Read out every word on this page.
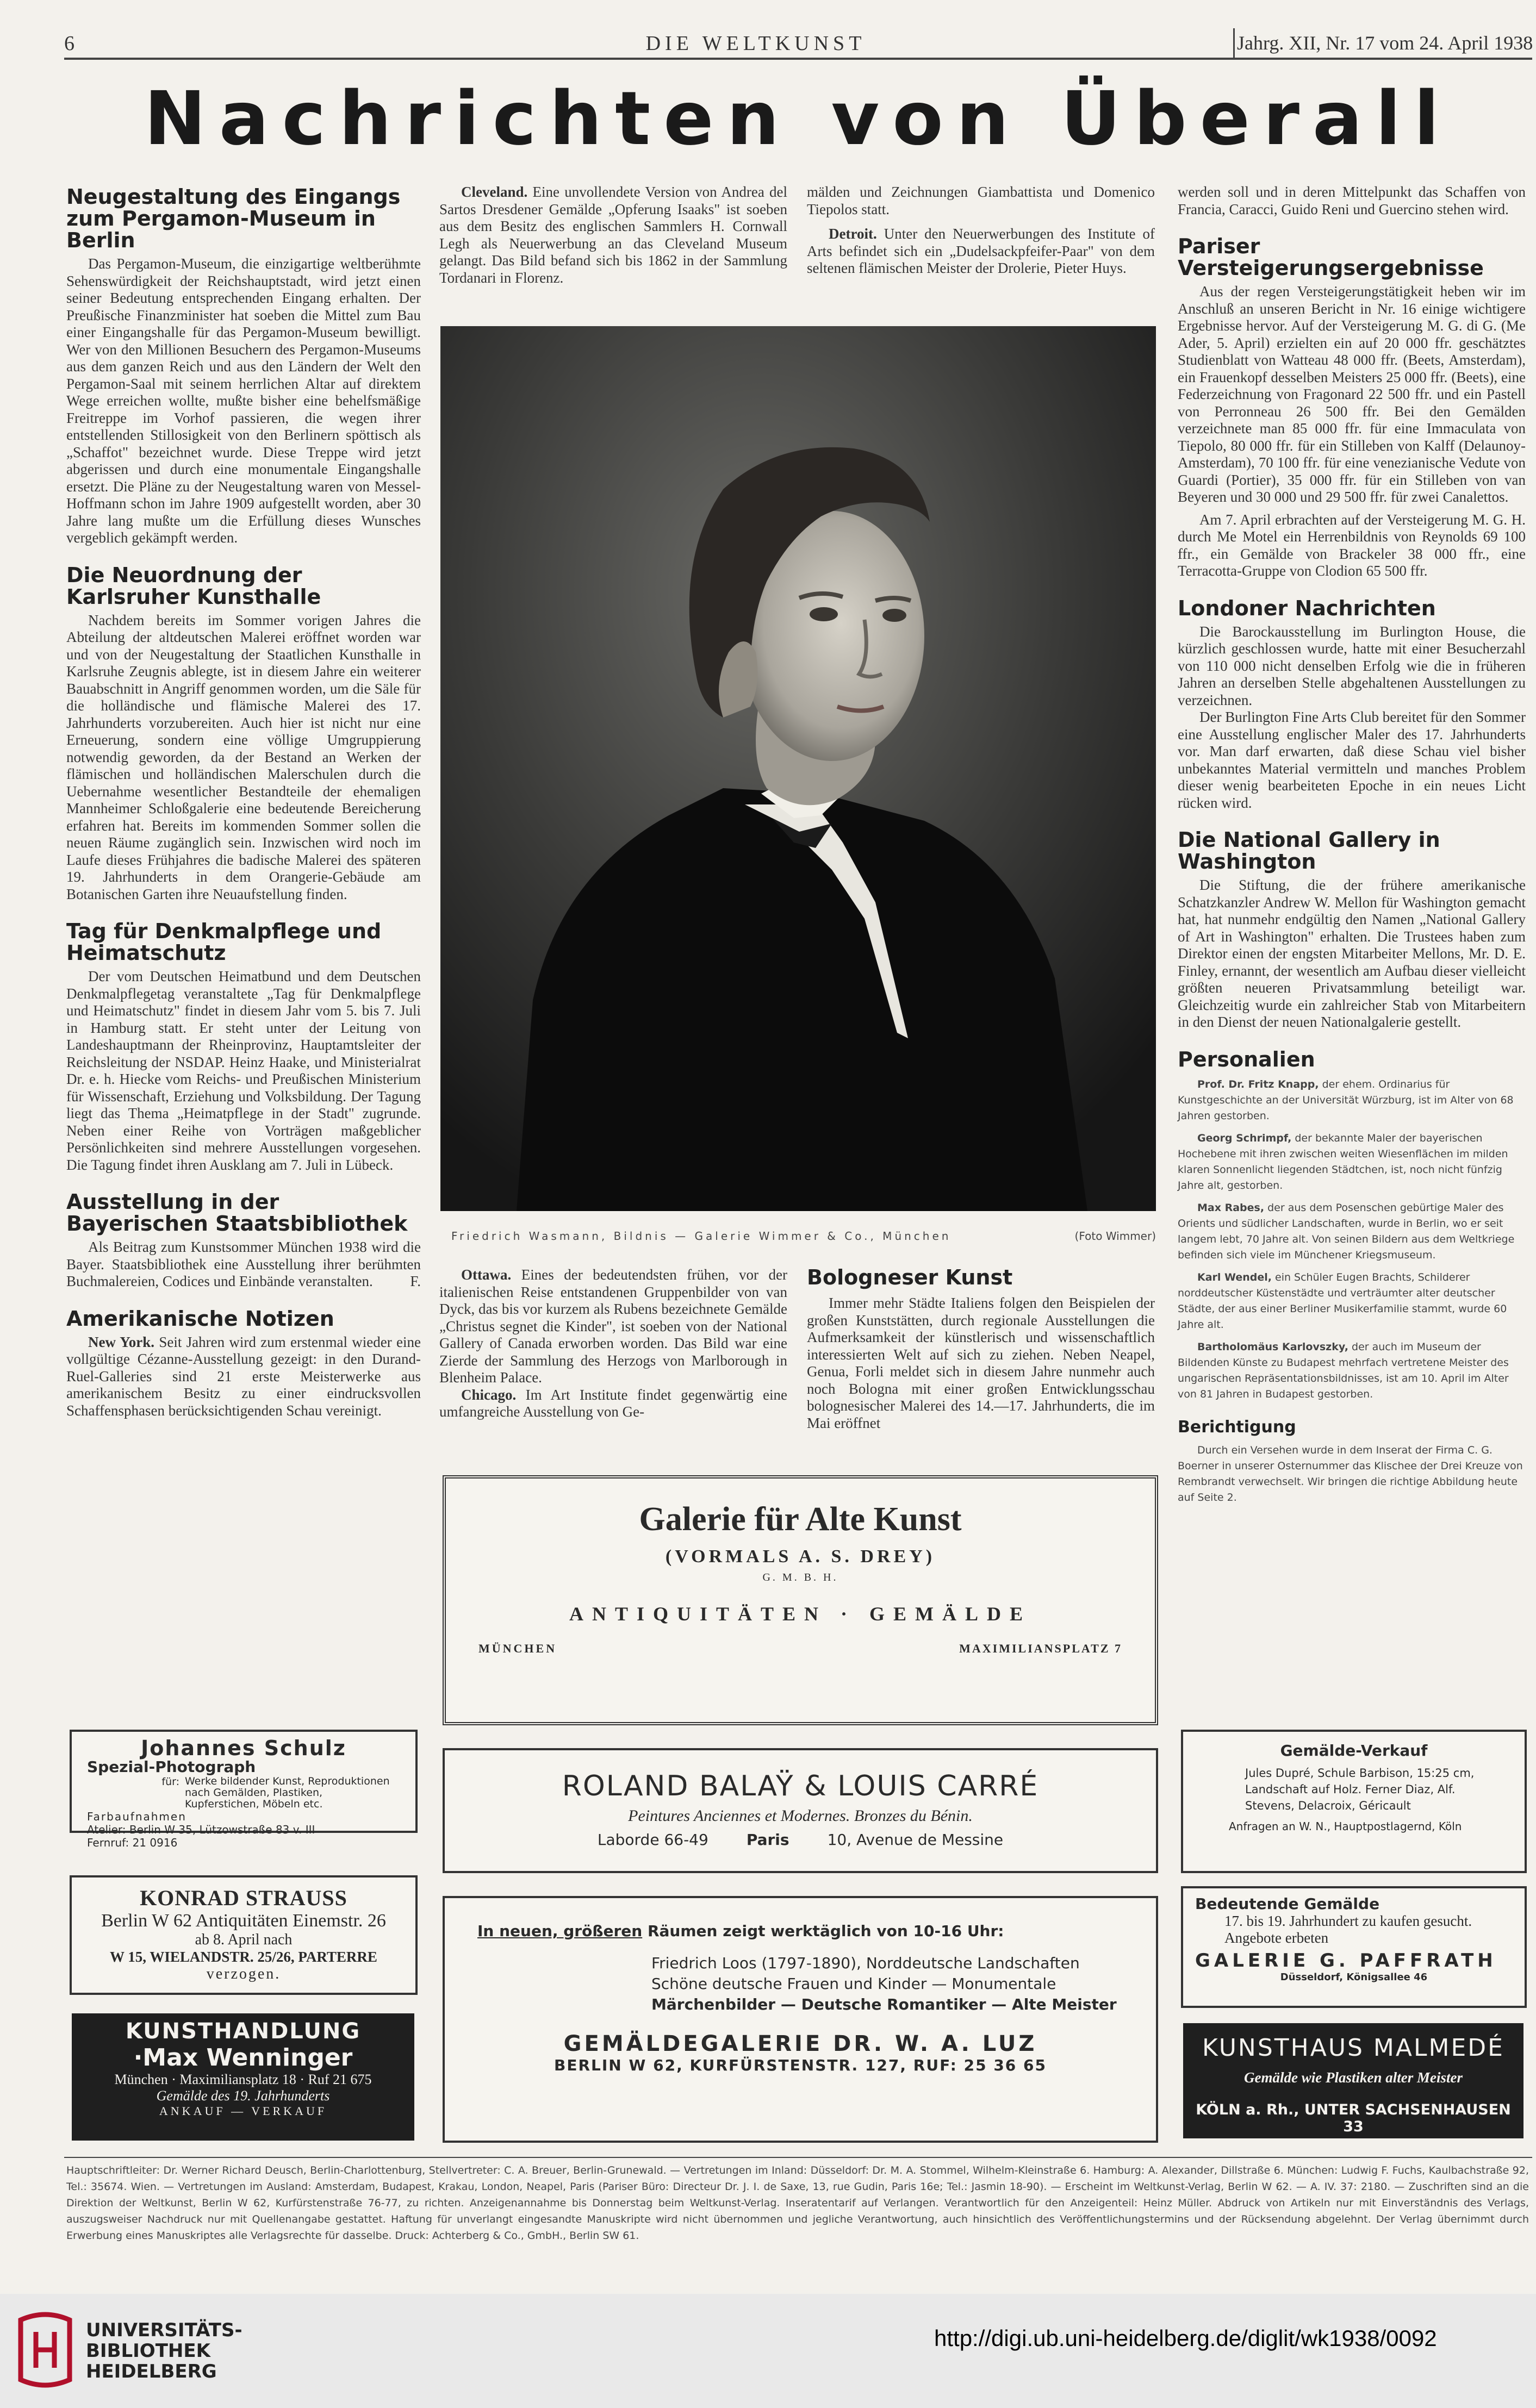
6	DIE WELTKUNST	Jahrg. XII, Nr. 17 vom 24. April 1938
Nachrichten von Überall
Neugestaltung des Eingangs zum Pergamon-Museum in Berlin

Das Pergamon-Museum, die einzigartige weltberühmte Sehenswürdigkeit der Reichshauptstadt, wird jetzt einen seiner Bedeutung entsprechenden Eingang erhalten. Der Preußische Finanzminister hat soeben die Mittel zum Bau einer Eingangshalle für das Pergamon-Museum bewilligt. Wer von den Millionen Besuchern des Pergamon-Museums aus dem ganzen Reich und aus den Ländern der Welt den Pergamon-Saal mit seinem herrlichen Altar auf direktem Wege erreichen wollte, mußte bisher eine behelfsmäßige Freitreppe im Vorhof passieren, die wegen ihrer entstellenden Stillosigkeit von den Berlinern spöttisch als „Schaffot" bezeichnet wurde. Diese Treppe wird jetzt abgerissen und durch eine monumentale Eingangshalle ersetzt. Die Pläne zu der Neugestaltung waren von Messel-Hoffmann schon im Jahre 1909 aufgestellt worden, aber 30 Jahre lang mußte um die Erfüllung dieses Wunsches vergeblich gekämpft werden.

Die Neuordnung der Karlsruher Kunsthalle

Nachdem bereits im Sommer vorigen Jahres die Abteilung der altdeutschen Malerei eröffnet worden war und von der Neugestaltung der Staatlichen Kunsthalle in Karlsruhe Zeugnis ablegte, ist in diesem Jahre ein weiterer Bauabschnitt in Angriff genommen worden, um die Säle für die holländische und flämische Malerei des 17. Jahrhunderts vorzubereiten. Auch hier ist nicht nur eine Erneuerung, sondern eine völlige Umgruppierung notwendig geworden, da der Bestand an Werken der flämischen und holländischen Malerschulen durch die Uebernahme wesentlicher Bestandteile der ehemaligen Mannheimer Schloßgalerie eine bedeutende Bereicherung erfahren hat. Bereits im kommenden Sommer sollen die neuen Räume zugänglich sein. Inzwischen wird noch im Laufe dieses Frühjahres die badische Malerei des späteren 19. Jahrhunderts in dem Orangerie-Gebäude am Botanischen Garten ihre Neuaufstellung finden.

Tag für Denkmalpflege und Heimatschutz

Der vom Deutschen Heimatbund und dem Deutschen Denkmalpflegetag veranstaltete „Tag für Denkmalpflege und Heimatschutz" findet in diesem Jahr vom 5. bis 7. Juli in Hamburg statt. Er steht unter der Leitung von Landeshauptmann der Rheinprovinz, Hauptamtsleiter der Reichsleitung der NSDAP. Heinz Haake, und Ministerialrat Dr. e. h. Hiecke vom Reichs- und Preußischen Ministerium für Wissenschaft, Erziehung und Volksbildung. Der Tagung liegt das Thema „Heimatpflege in der Stadt" zugrunde. Neben einer Reihe von Vorträgen maßgeblicher Persönlichkeiten sind mehrere Ausstellungen vorgesehen. Die Tagung findet ihren Ausklang am 7. Juli in Lübeck.

Ausstellung in der Bayerischen Staatsbibliothek

Als Beitrag zum Kunstsommer München 1938 wird die Bayer. Staatsbibliothek eine Ausstellung ihrer berühmten Buchmalereien, Codices und Einbände veranstalten.	F.

Amerikanische Notizen

New York. Seit Jahren wird zum erstenmal wieder eine vollgültige Cézanne-Ausstellung gezeigt: in den Durand-Ruel-Galleries sind 21 erste Meisterwerke aus amerikanischem Besitz zu einer eindrucksvollen Schaffensphasen berücksichtigenden Schau vereinigt.

Cleveland. Eine unvollendete Version von Andrea del Sartos Dresdener Gemälde „Opferung Isaaks" ist soeben aus dem Besitz des englischen Sammlers H. Cornwall Legh als Neuerwerbung an das Cleveland Museum gelangt. Das Bild befand sich bis 1862 in der Sammlung Tordanari in Florenz.

mälden und Zeichnungen Giambattista und Domenico Tiepolos statt.

Detroit. Unter den Neuerwerbungen des Institute of Arts befindet sich ein „Dudelsackpfeifer-Paar" von dem seltenen flämischen Meister der Drolerie, Pieter Huys.

Friedrich Wasmann, Bildnis — Galerie Wimmer & Co., München	(Foto Wimmer)

Ottawa. Eines der bedeutendsten frühen, vor der italienischen Reise entstandenen Gruppenbilder von van Dyck, das bis vor kurzem als Rubens bezeichnete Gemälde „Christus segnet die Kinder", ist soeben von der National Gallery of Canada erworben worden. Das Bild war eine Zierde der Sammlung des Herzogs von Marlborough in Blenheim Palace.

Chicago. Im Art Institute findet gegenwärtig eine umfangreiche Ausstellung von Ge-

Bologneser Kunst

Immer mehr Städte Italiens folgen den Beispielen der großen Kunststätten, durch regionale Ausstellungen die Aufmerksamkeit der künstlerisch und wissenschaftlich interessierten Welt auf sich zu ziehen. Neben Neapel, Genua, Forli meldet sich in diesem Jahre nunmehr auch noch Bologna mit einer großen Entwicklungsschau bolognesischer Malerei des 14.—17. Jahrhunderts, die im Mai eröffnet

werden soll und in deren Mittelpunkt das Schaffen von Francia, Caracci, Guido Reni und Guercino stehen wird.

Pariser Versteigerungsergebnisse

Aus der regen Versteigerungstätigkeit heben wir im Anschluß an unseren Bericht in Nr. 16 einige wichtigere Ergebnisse hervor. Auf der Versteigerung M. G. di G. (Me Ader, 5. April) erzielten ein auf 20 000 ffr. geschätztes Studienblatt von Watteau 48 000 ffr. (Beets, Amsterdam), ein Frauenkopf desselben Meisters 25 000 ffr. (Beets), eine Federzeichnung von Fragonard 22 500 ffr. und ein Pastell von Perronneau 26 500 ffr. Bei den Gemälden verzeichnete man 85 000 ffr. für eine Immaculata von Tiepolo, 80 000 ffr. für ein Stilleben von Kalff (Delaunoy-Amsterdam), 70 100 ffr. für eine venezianische Vedute von Guardi (Portier), 35 000 ffr. für ein Stilleben von van Beyeren und 30 000 und 29 500 ffr. für zwei Canalettos.

Am 7. April erbrachten auf der Versteigerung M. G. H. durch Me Motel ein Herrenbildnis von Reynolds 69 100 ffr., ein Gemälde von Brackeler 38 000 ffr., eine Terracotta-Gruppe von Clodion 65 500 ffr.

Londoner Nachrichten

Die Barockausstellung im Burlington House, die kürzlich geschlossen wurde, hatte mit einer Besucherzahl von 110 000 nicht denselben Erfolg wie die in früheren Jahren an derselben Stelle abgehaltenen Ausstellungen zu verzeichnen.

Der Burlington Fine Arts Club bereitet für den Sommer eine Ausstellung englischer Maler des 17. Jahrhunderts vor. Man darf erwarten, daß diese Schau viel bisher unbekanntes Material vermitteln und manches Problem dieser wenig bearbeiteten Epoche in ein neues Licht rücken wird.

Die National Gallery in Washington

Die Stiftung, die der frühere amerikanische Schatzkanzler Andrew W. Mellon für Washington gemacht hat, hat nunmehr endgültig den Namen „National Gallery of Art in Washington" erhalten. Die Trustees haben zum Direktor einen der engsten Mitarbeiter Mellons, Mr. D. E. Finley, ernannt, der wesentlich am Aufbau dieser vielleicht größten neueren Privatsammlung beteiligt war. Gleichzeitig wurde ein zahlreicher Stab von Mitarbeitern in den Dienst der neuen Nationalgalerie gestellt.

Personalien

Prof. Dr. Fritz Knapp, der ehem. Ordinarius für Kunstgeschichte an der Universität Würzburg, ist im Alter von 68 Jahren gestorben.

Georg Schrimpf, der bekannte Maler der bayerischen Hochebene mit ihren zwischen weiten Wiesenflächen im milden klaren Sonnenlicht liegenden Städtchen, ist, noch nicht fünfzig Jahre alt, gestorben.

Max Rabes, der aus dem Posenschen gebürtige Maler des Orients und südlicher Landschaften, wurde in Berlin, wo er seit langem lebt, 70 Jahre alt. Von seinen Bildern aus dem Weltkriege befinden sich viele im Münchener Kriegsmuseum.

Karl Wendel, ein Schüler Eugen Brachts, Schilderer norddeutscher Küstenstädte und verträumter alter deutscher Städte, der aus einer Berliner Musikerfamilie stammt, wurde 60 Jahre alt.

Bartholomäus Karlovszky, der auch im Museum der Bildenden Künste zu Budapest mehrfach vertretene Meister des ungarischen Repräsentationsbildnisses, ist am 10. April im Alter von 81 Jahren in Budapest gestorben.

Berichtigung

Durch ein Versehen wurde in dem Inserat der Firma C. G. Boerner in unserer Osternummer das Klischee der Drei Kreuze von Rembrandt verwechselt. Wir bringen die richtige Abbildung heute auf Seite 2.

Johannes Schulz
Spezial-Photograph
für: Werke bildender Kunst, Reproduktionen nach Gemälden, Plastiken, Kupferstichen, Möbeln etc.
Farbaufnahmen
Atelier: Berlin W 35, Lützowstraße 83 v. III
Fernruf: 21 0916
KONRAD STRAUSS
Berlin W 62 Antiquitäten Einemstr. 26
ab 8. April nach
W 15, WIELANDSTR. 25/26, PARTERRE
verzogen.
KUNSTHANDLUNG
·Max Wenninger
München · Maximiliansplatz 18 · Ruf 21 675
Gemälde des 19. Jahrhunderts
ANKAUF — VERKAUF
Galerie für Alte Kunst
(VORMALS A. S. DREY)
G. M. B. H.
ANTIQUITÄTEN · GEMÄLDE
MÜNCHEN	MAXIMILIANSPLATZ 7
ROLAND BALAŸ & LOUIS CARRÉ
Peintures Anciennes et Modernes. Bronzes du Bénin.
Laborde 66-49	Paris	10, Avenue de Messine
In neuen, größeren Räumen zeigt werktäglich von 10-16 Uhr:
Friedrich Loos (1797-1890), Norddeutsche Landschaften
Schöne deutsche Frauen und Kinder — Monumentale
Märchenbilder — Deutsche Romantiker — Alte Meister
GEMÄLDEGALERIE DR. W. A. LUZ
BERLIN W 62, KURFÜRSTENSTR. 127, RUF: 25 36 65
Gemälde-Verkauf
Jules Dupré, Schule Barbison, 15:25 cm,
Landschaft auf Holz. Ferner Diaz, Alf.
Stevens, Delacroix, Géricault
Anfragen an W. N., Hauptpostlagernd, Köln
Bedeutende Gemälde
17. bis 19. Jahrhundert zu kaufen gesucht.
Angebote erbeten
GALERIE G. PAFFRATH
Düsseldorf, Königsallee 46
KUNSTHAUS MALMEDÉ
Gemälde wie Plastiken alter Meister
KÖLN a. Rh., UNTER SACHSENHAUSEN 33

Hauptschriftleiter: Dr. Werner Richard Deusch, Berlin-Charlottenburg, Stellvertreter: C. A. Breuer, Berlin-Grunewald. — Vertretungen im Inland: Düsseldorf: Dr. M. A. Stommel, Wilhelm-Kleinstraße 6. Hamburg: A. Alexander, Dillstraße 6. München: Ludwig F. Fuchs, Kaulbachstraße 92, Tel.: 35674. Wien. — Vertretungen im Ausland: Amsterdam, Budapest, Krakau, London, Neapel, Paris (Pariser Büro: Directeur Dr. J. I. de Saxe, 13, rue Gudin, Paris 16e; Tel.: Jasmin 18-90). — Erscheint im Weltkunst-Verlag, Berlin W 62. — A. IV. 37: 2180. — Zuschriften sind an die Direktion der Weltkunst, Berlin W 62, Kurfürstenstraße 76-77, zu richten. Anzeigenannahme bis Donnerstag beim Weltkunst-Verlag. Inseratentarif auf Verlangen. Verantwortlich für den Anzeigenteil: Heinz Müller. Abdruck von Artikeln nur mit Einverständnis des Verlags, auszugsweiser Nachdruck nur mit Quellenangabe gestattet. Haftung für unverlangt eingesandte Manuskripte wird nicht übernommen und jegliche Verantwortung, auch hinsichtlich des Veröffentlichungstermins und der Rücksendung abgelehnt. Der Verlag übernimmt durch Erwerbung eines Manuskriptes alle Verlagsrechte für dasselbe. Druck: Achterberg & Co., GmbH., Berlin SW 61.

UNIVERSITÄTS-
BIBLIOTHEK
HEIDELBERG
http://digi.ub.uni-heidelberg.de/diglit/wk1938/0092
